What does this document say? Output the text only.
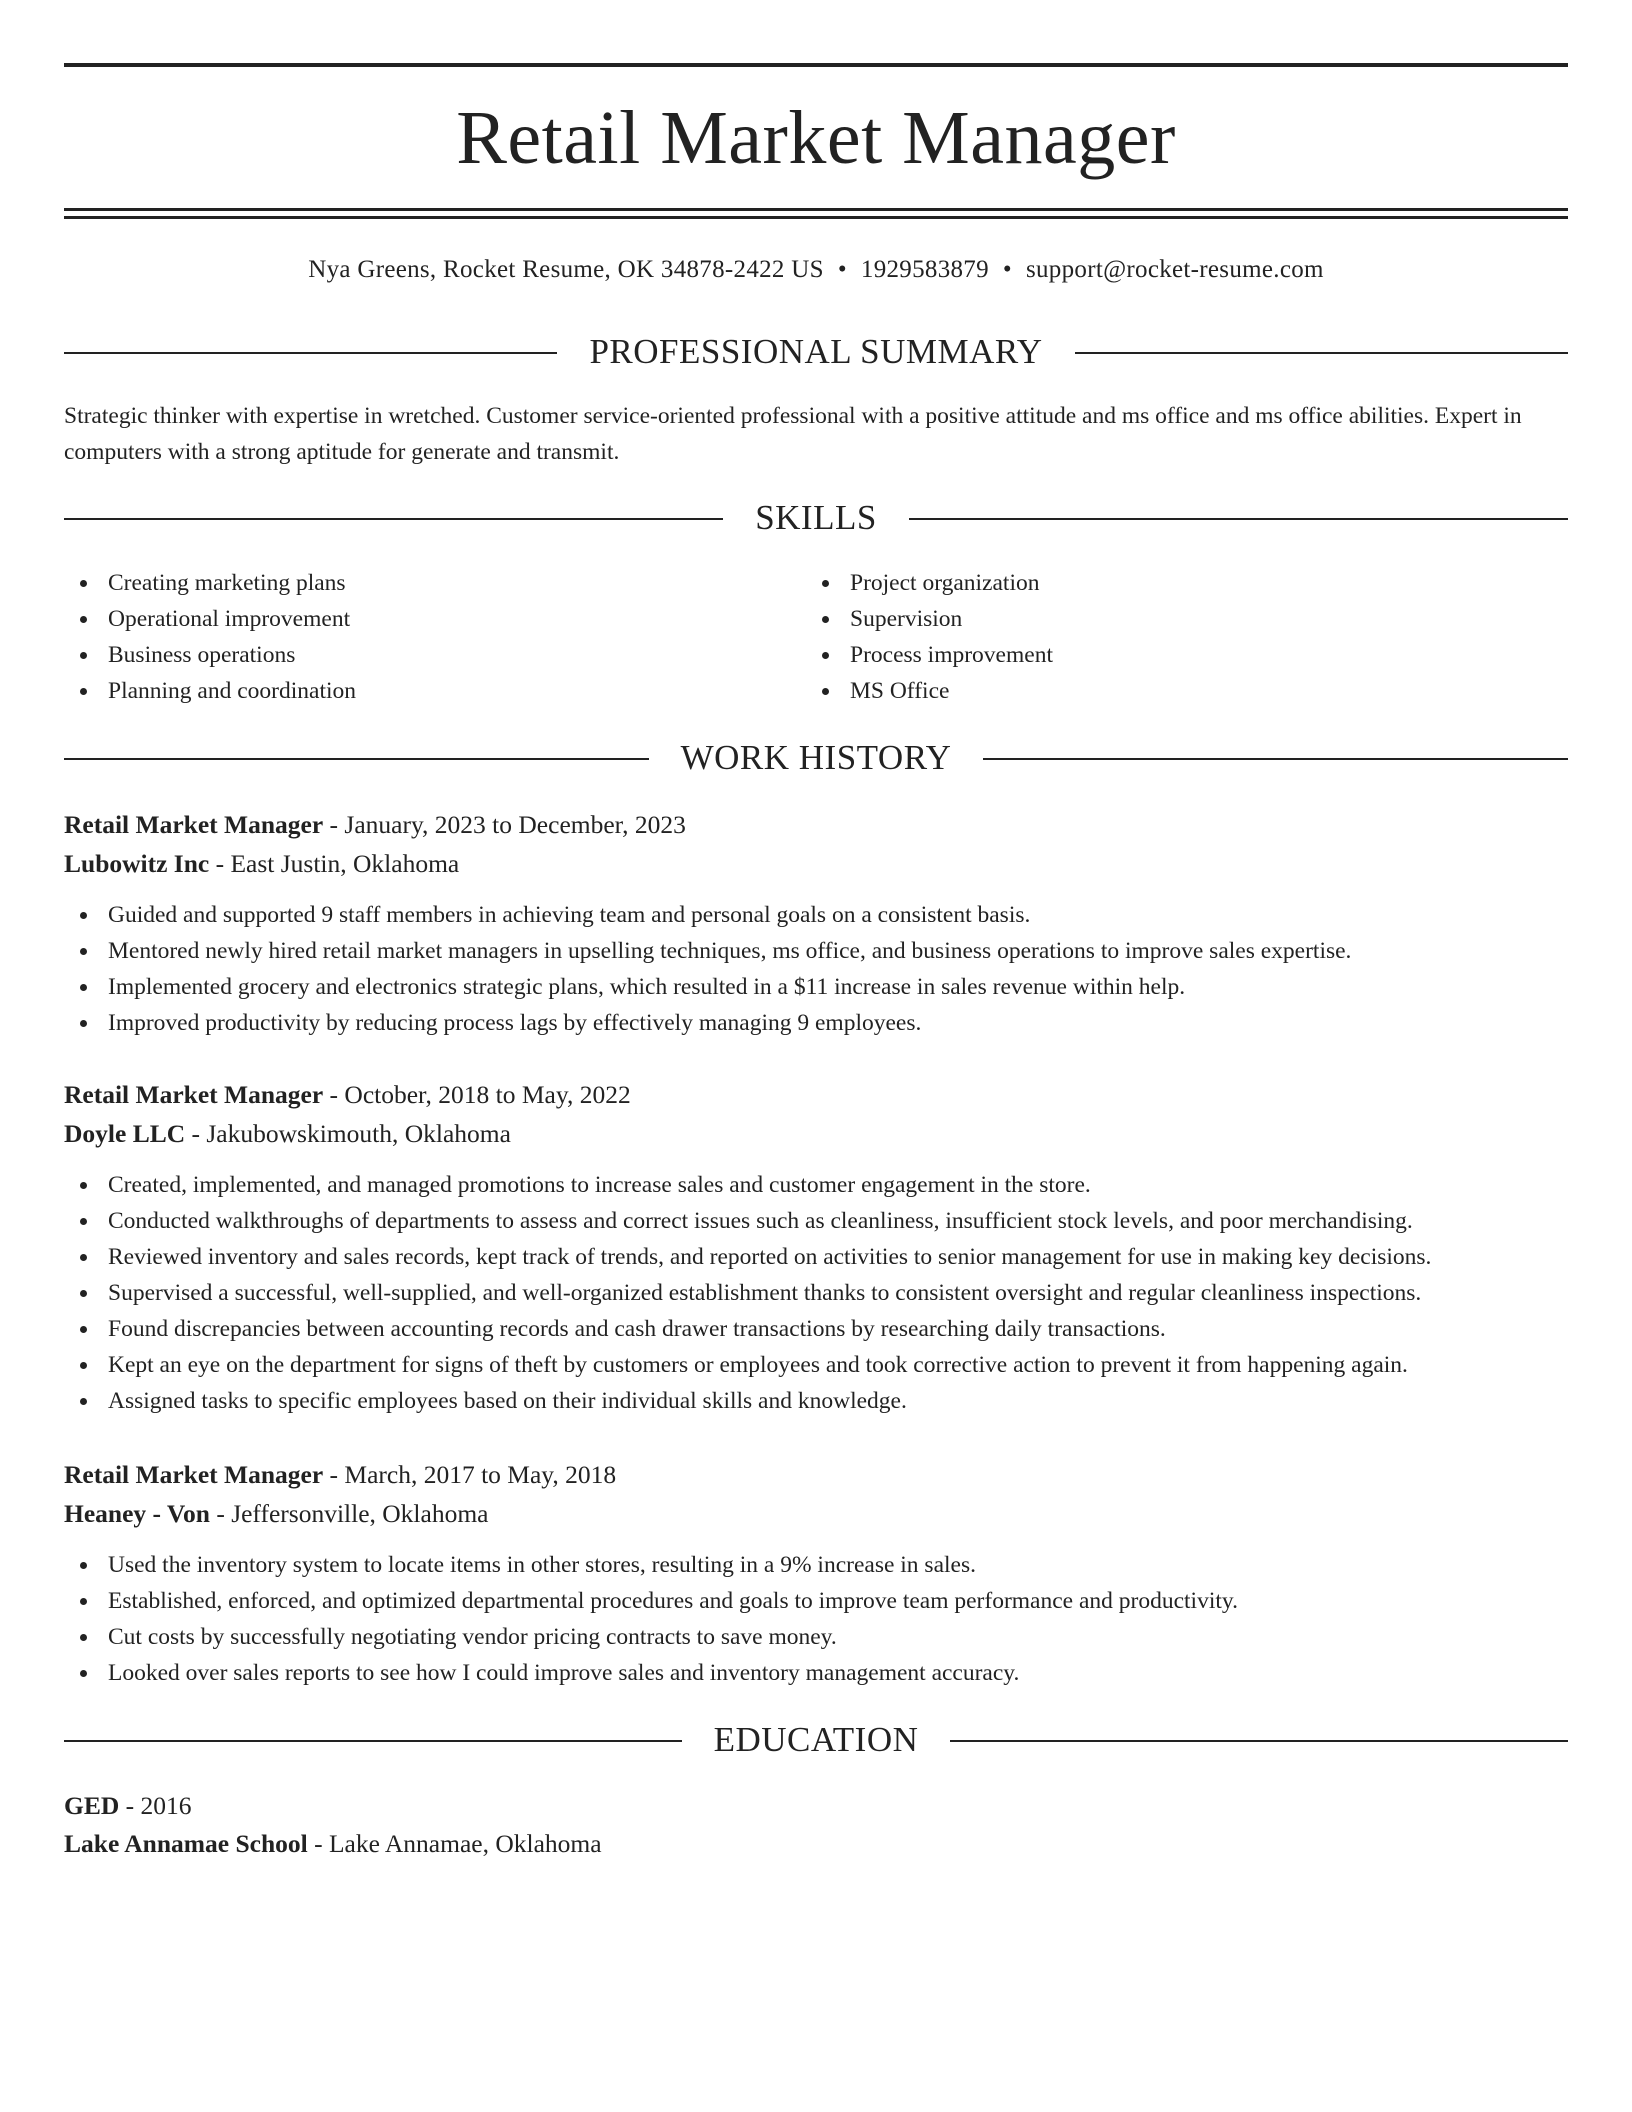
Retail Market Manager
Nya Greens, Rocket Resume, OK 34878-2422 US • 1929583879 • support@rocket-resume.com
PROFESSIONAL SUMMARY

Strategic thinker with expertise in wretched. Customer service-oriented professional with a positive attitude and ms office and ms office abilities. Expert in computers with a strong aptitude for generate and transmit.

SKILLS
Creating marketing plans
Operational improvement
Business operations
Planning and coordination
Project organization
Supervision
Process improvement
MS Office
WORK HISTORY
Retail Market Manager - January, 2023 to December, 2023
Lubowitz Inc - East Justin, Oklahoma
Guided and supported 9 staff members in achieving team and personal goals on a consistent basis.
Mentored newly hired retail market managers in upselling techniques, ms office, and business operations to improve sales expertise.
Implemented grocery and electronics strategic plans, which resulted in a $11 increase in sales revenue within help.
Improved productivity by reducing process lags by effectively managing 9 employees.
Retail Market Manager - October, 2018 to May, 2022
Doyle LLC - Jakubowskimouth, Oklahoma
Created, implemented, and managed promotions to increase sales and customer engagement in the store.
Conducted walkthroughs of departments to assess and correct issues such as cleanliness, insufficient stock levels, and poor merchandising.
Reviewed inventory and sales records, kept track of trends, and reported on activities to senior management for use in making key decisions.
Supervised a successful, well-supplied, and well-organized establishment thanks to consistent oversight and regular cleanliness inspections.
Found discrepancies between accounting records and cash drawer transactions by researching daily transactions.
Kept an eye on the department for signs of theft by customers or employees and took corrective action to prevent it from happening again.
Assigned tasks to specific employees based on their individual skills and knowledge.
Retail Market Manager - March, 2017 to May, 2018
Heaney - Von - Jeffersonville, Oklahoma
Used the inventory system to locate items in other stores, resulting in a 9% increase in sales.
Established, enforced, and optimized departmental procedures and goals to improve team performance and productivity.
Cut costs by successfully negotiating vendor pricing contracts to save money.
Looked over sales reports to see how I could improve sales and inventory management accuracy.
EDUCATION
GED - 2016
Lake Annamae School - Lake Annamae, Oklahoma
